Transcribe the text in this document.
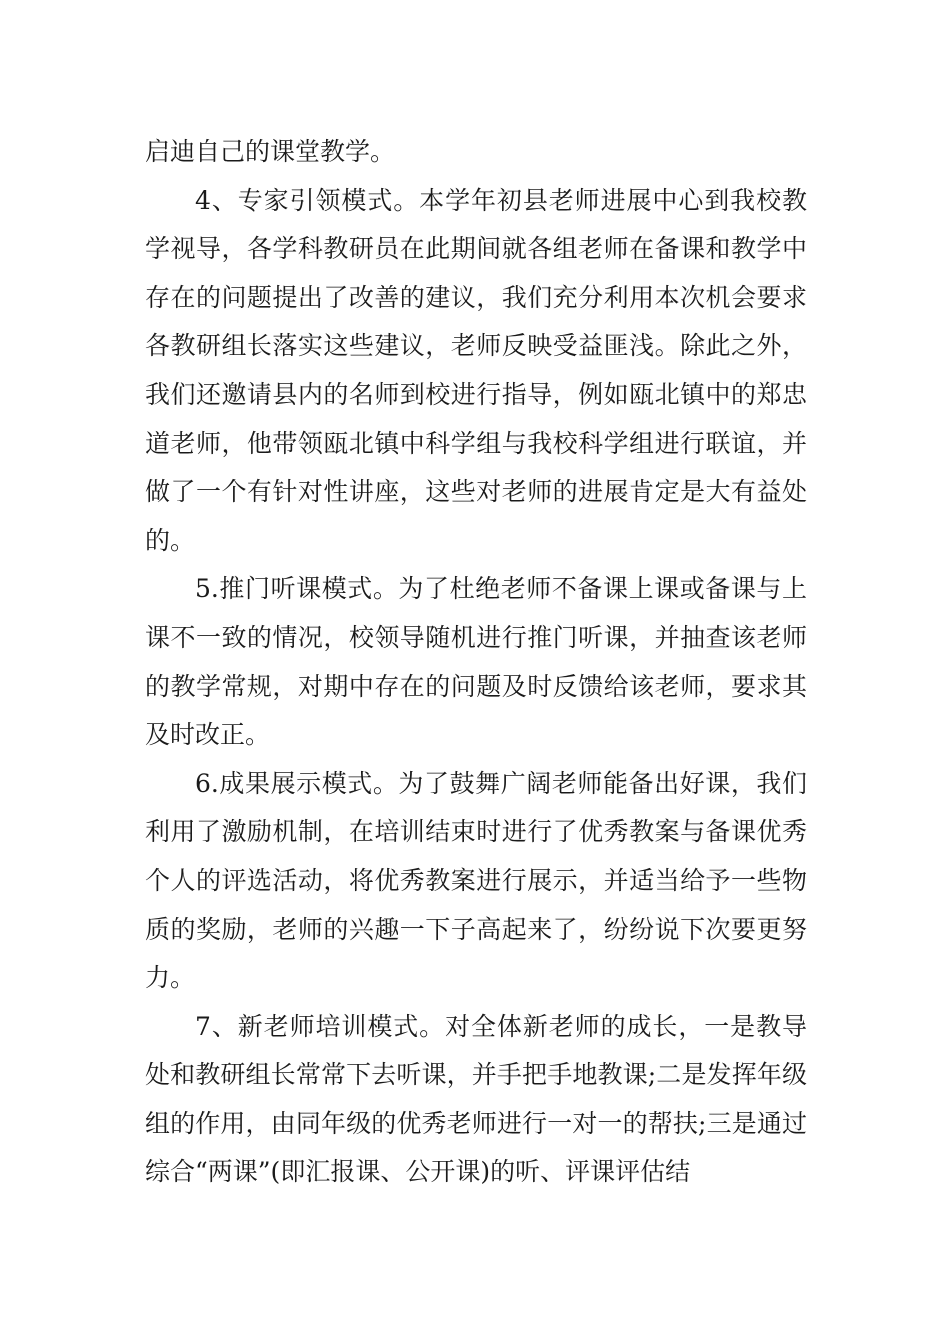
启迪自己的课堂教学。

4、专家引领模式。本学年初县老师进展中心到我校教学视导，各学科教研员在此期间就各组老师在备课和教学中存在的问题提出了改善的建议，我们充分利用本次机会要求各教研组长落实这些建议，老师反映受益匪浅。除此之外，我们还邀请县内的名师到校进行指导，例如瓯北镇中的郑忠道老师，他带领瓯北镇中科学组与我校科学组进行联谊，并做了一个有针对性讲座，这些对老师的进展肯定是大有益处的。

5.推门听课模式。为了杜绝老师不备课上课或备课与上课不一致的情况，校领导随机进行推门听课，并抽查该老师的教学常规，对期中存在的问题及时反馈给该老师，要求其及时改正。

6.成果展示模式。为了鼓舞广阔老师能备出好课，我们利用了激励机制，在培训结束时进行了优秀教案与备课优秀个人的评选活动，将优秀教案进行展示，并适当给予一些物质的奖励，老师的兴趣一下子高起来了，纷纷说下次要更努力。

7、新老师培训模式。对全体新老师的成长，一是教导处和教研组长常常下去听课，并手把手地教课;二是发挥年级组的作用，由同年级的优秀老师进行一对一的帮扶;三是通过综合“两课”(即汇报课、公开课)的听、评课评估结
